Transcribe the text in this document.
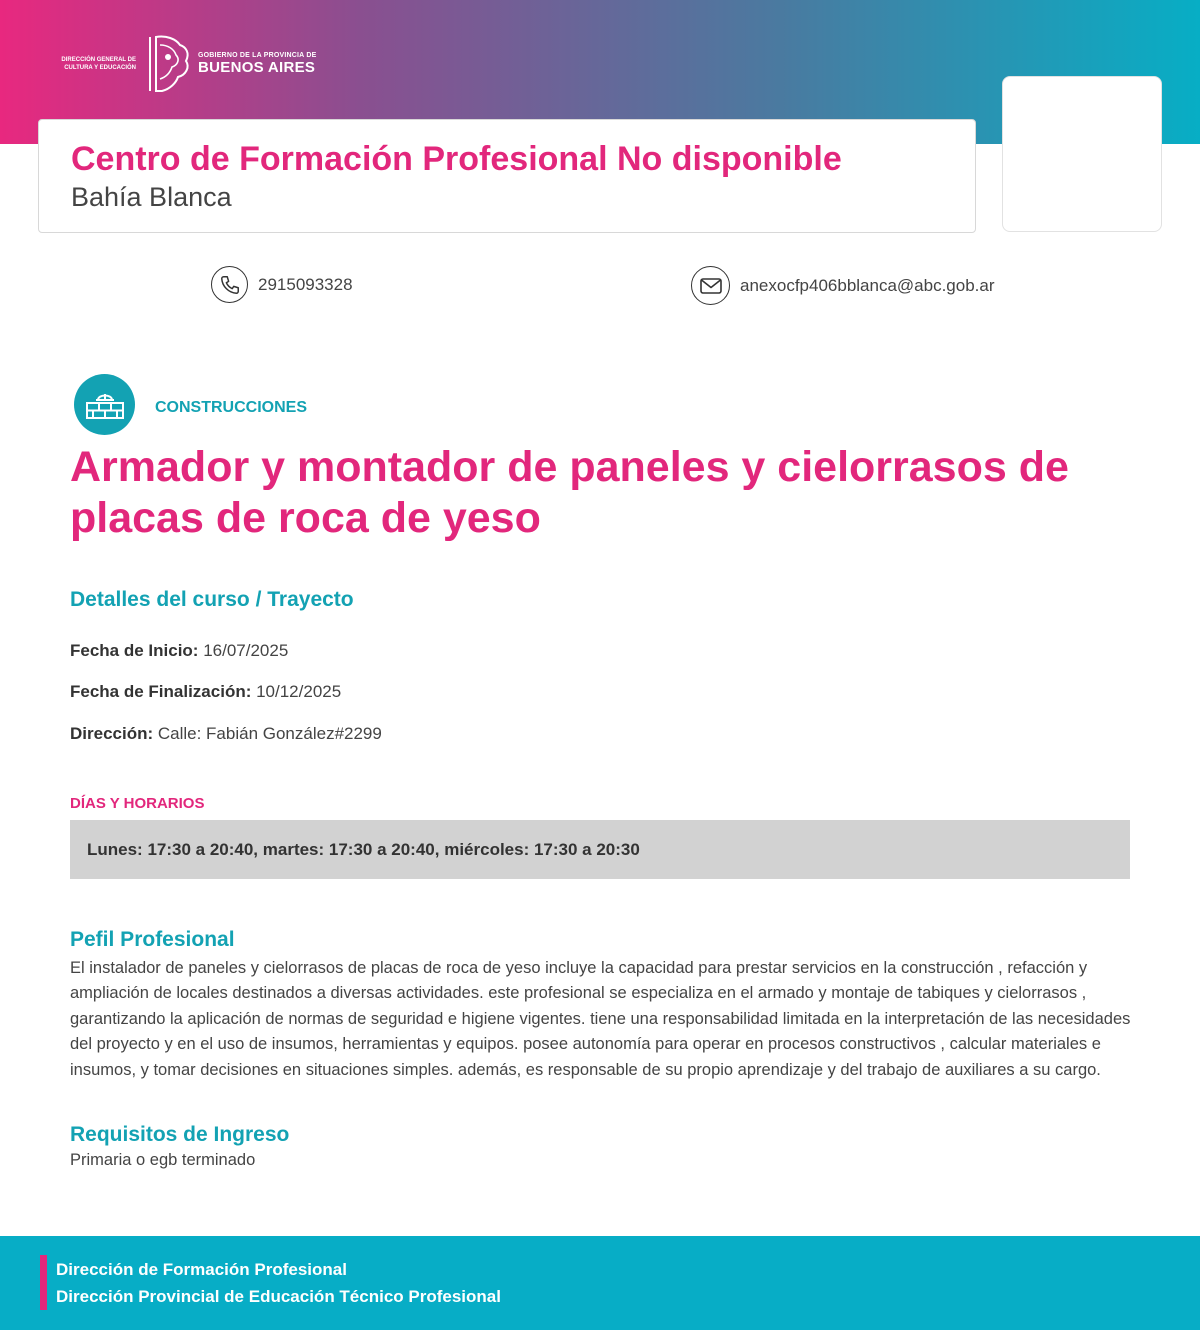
DIRECCIÓN GENERAL DE
CULTURA Y EDUCACIÓN
GOBIERNO DE LA PROVINCIA DE
BUENOS AIRES
Centro de Formación Profesional No disponible
Bahía Blanca
2915093328	anexocfp406bblanca@abc.gob.ar
CONSTRUCCIONES
Armador y montador de paneles y cielorrasos de placas de roca de yeso
Detalles del curso / Trayecto
Fecha de Inicio: 16/07/2025
Fecha de Finalización: 10/12/2025
Dirección: Calle: Fabián González#2299
DÍAS Y HORARIOS
Lunes: 17:30 a 20:40, martes: 17:30 a 20:40, miércoles: 17:30 a 20:30
Pefil Profesional
El instalador de paneles y cielorrasos de placas de roca de yeso incluye la capacidad para prestar servicios en la construcción , refacción y ampliación de locales destinados a diversas actividades. este profesional se especializa en el armado y montaje de tabiques y cielorrasos , garantizando la aplicación de normas de seguridad e higiene vigentes. tiene una responsabilidad limitada en la interpretación de las necesidades del proyecto y en el uso de insumos, herramientas y equipos. posee autonomía para operar en procesos constructivos , calcular materiales e insumos, y tomar decisiones en situaciones simples. además, es responsable de su propio aprendizaje y del trabajo de auxiliares a su cargo.
Requisitos de Ingreso
Primaria o egb terminado
Dirección de Formación Profesional
Dirección Provincial de Educación Técnico Profesional
